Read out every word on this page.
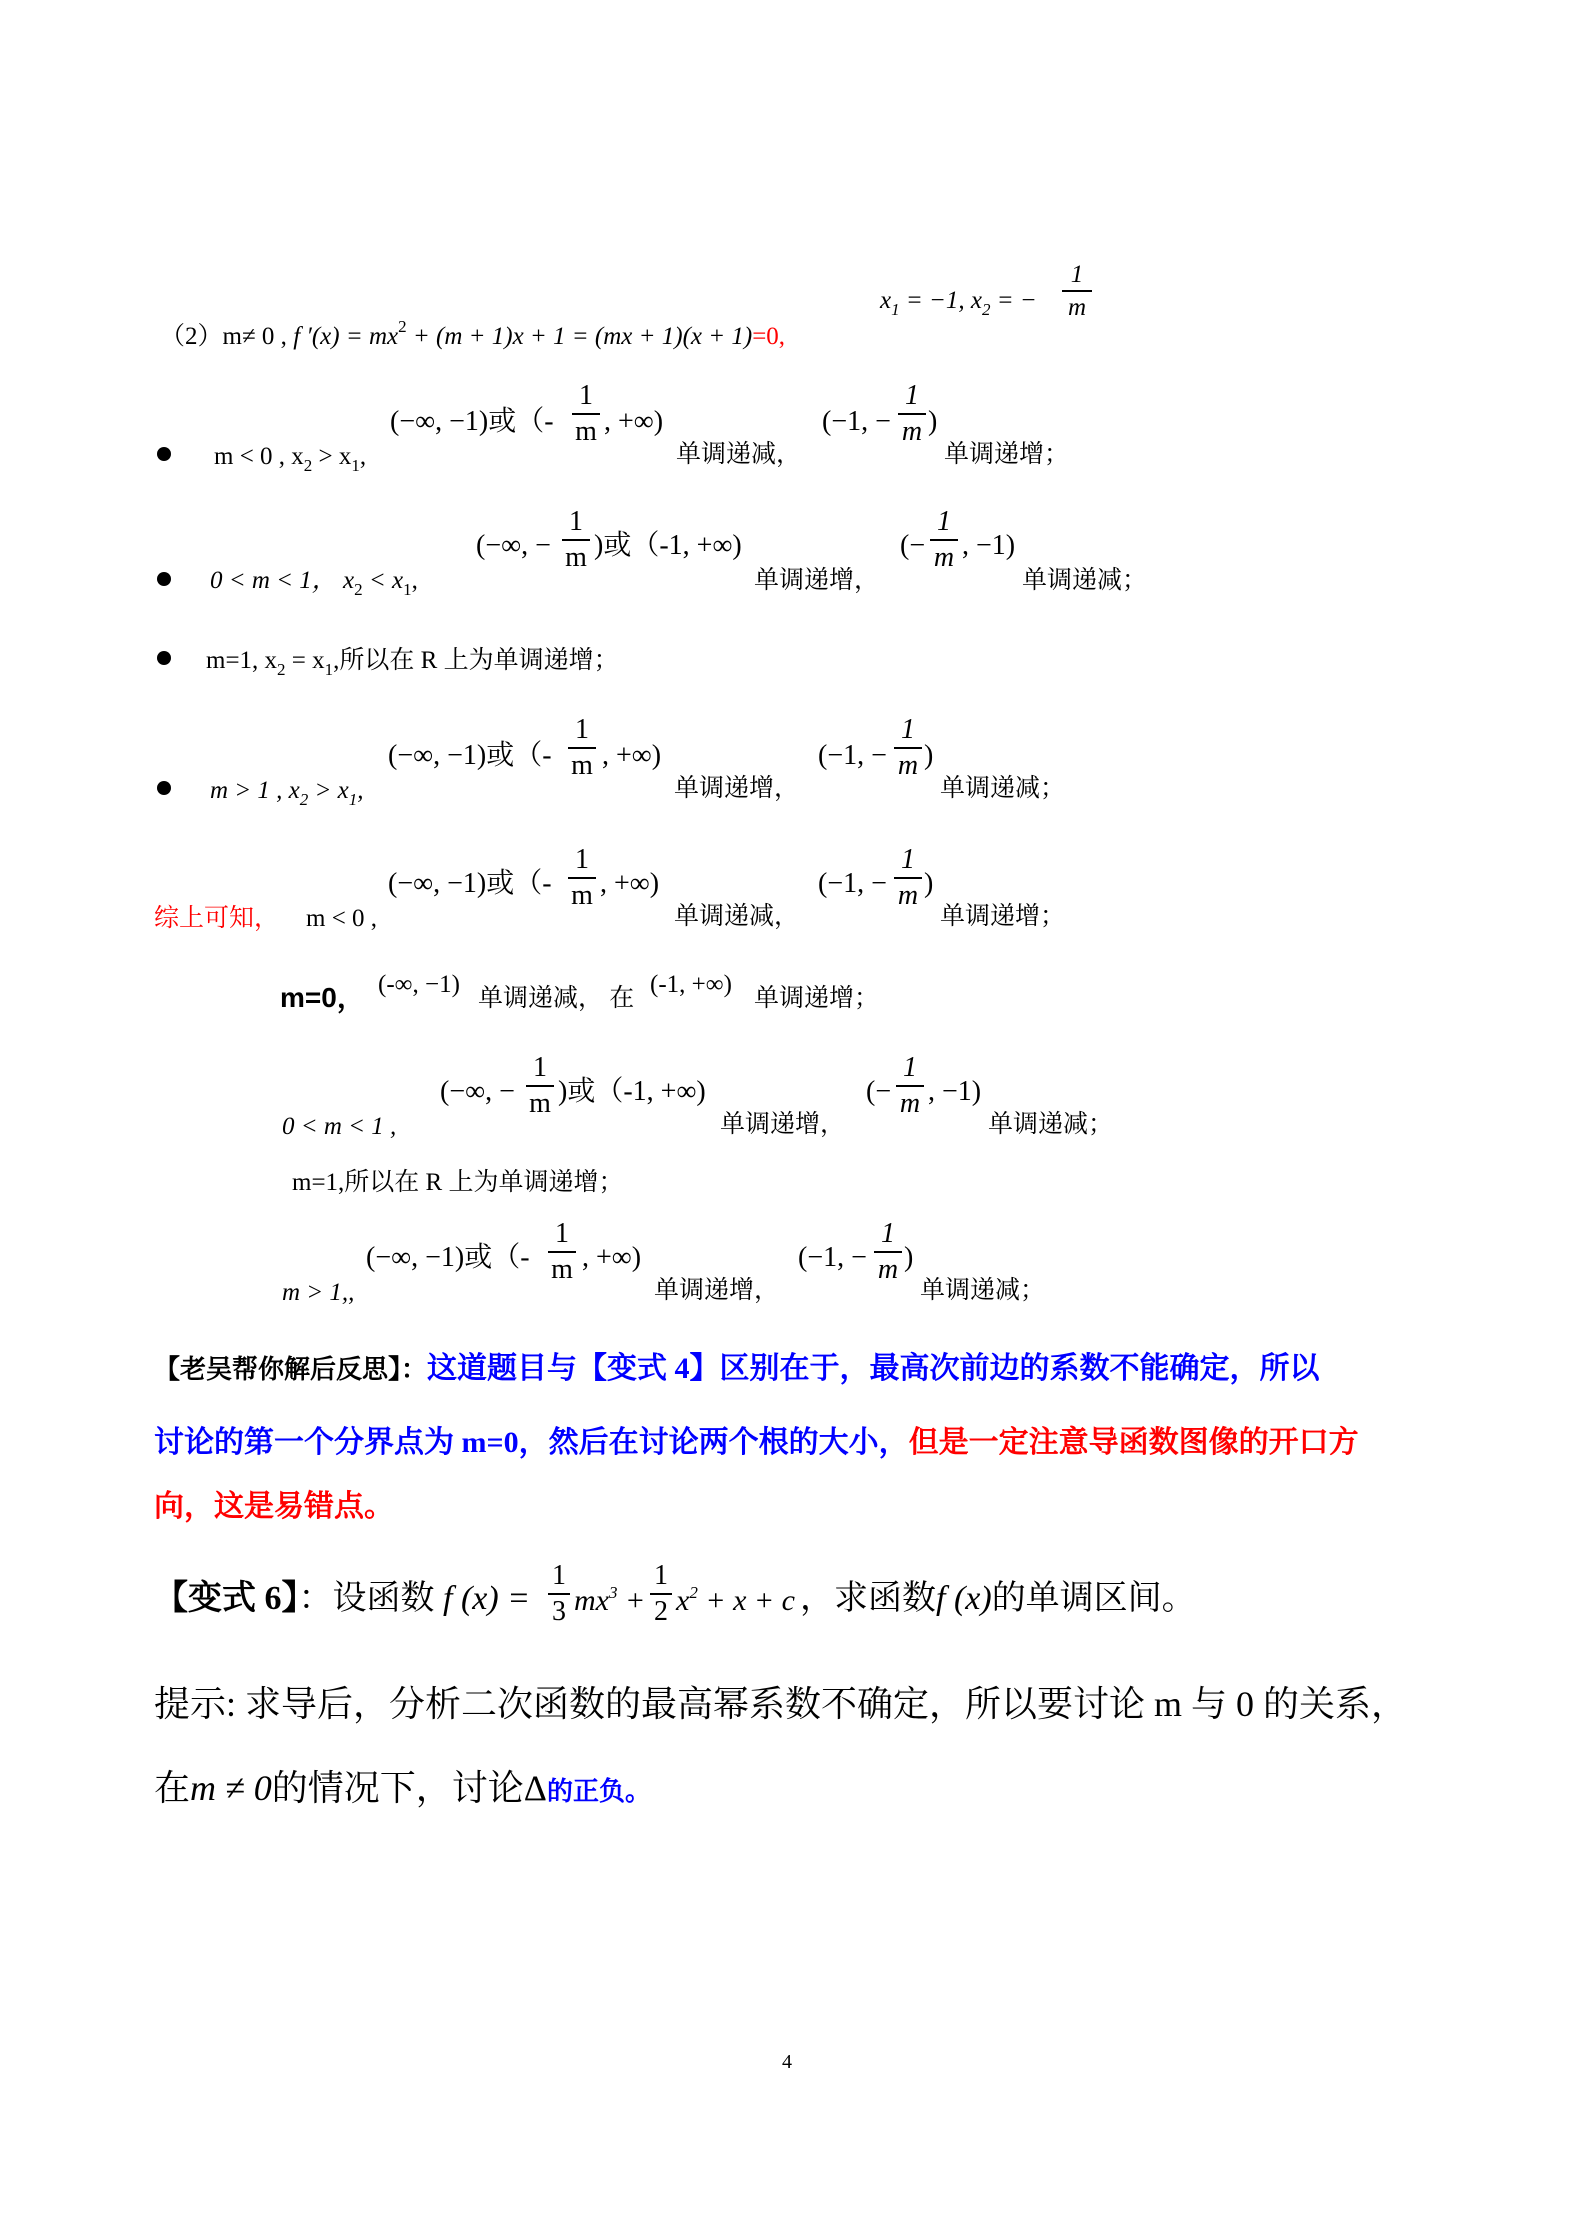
（2）m≠ 0 , f $'(x) = mx^2 + (m + 1)x + 1 = (mx + 1)(x + 1)=0$,
$x_1 = -1$, $x_2$ = −
1
m
m < 0 , $x_2 > x_1$,
(−∞, −1)或（-
1
m , +∞)
单调递减，
(−1, −
1
m )
单调递增；
0 < m < 1， $x_2 < x_1$,
(−∞, −
1
m )或（-1, +∞)
单调递增，
(−
1
m , −1)
单调递减；
m=1, $x_2 = x_1$,所以在 R 上为单调递增；
m > 1 , $x_2 > x_1$,
(−∞, −1)或（-
1
m , +∞)
单调递增，
(−1, −
1
m )
单调递减；
综上可知， m < 0 ,
(−∞, −1)或（-
1
m , +∞)
单调递减，
(−1, −
1
m )
单调递增；
m=0， (-∞, −1)
单调递减， 在
(-1, +∞)
单调递增；
0 < m < 1 ,
(−∞, −
1
m )或（-1, +∞)
单调递增，
(−
1
m , −1)
单调递减；
m=1,所以在 R 上为单调递增；
m > 1,,
(−∞, −1)或（-
1
m , +∞)
单调递增，
(−1, −
1
m )
单调递减；
【老吴帮你解后反思】：这道题目与【变式 4】区别在于，最高次前边的系数不能确定，所以
讨论的第一个分界点为 m=0，然后在讨论两个根的大小，但是一定注意导函数图像的开口方
向，这是易错点。
【变式 6】：设函数 f (x) =
1
3 $mx^3$ +
1
2 $x^2 + x + c$ ，求函数f (x)的单调区间。
提示: 求导后，分析二次函数的最高幂系数不确定，所以要讨论 m 与 0 的关系，
在m ≠ 0的情况下，讨论Δ的正负。
4
